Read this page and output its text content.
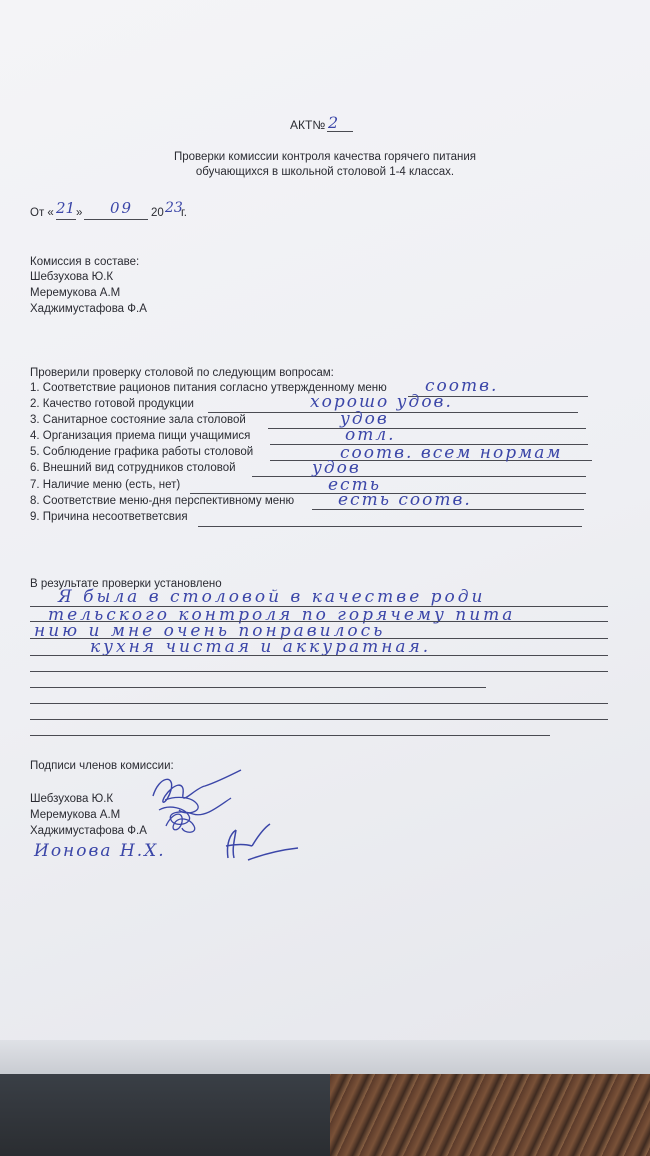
АКТ№ 2
Проверки комиссии контроля качества горячего питания
обучающихся в школьной столовой 1-4 классах.
От « 21 » 09 20 23
г.
Комиссия в составе:
Шебзухова Ю.К
Меремукова А.М
Хаджимустафова Ф.А
Проверили проверку столовой по следующим вопросам:
1. Соответствие рационов питания согласно утвержденному меню соотв.
2. Качество готовой продукции	хорошо удов.
3. Санитарное состояние зала столовой	удов
4. Организация приема пищи учащимися	отл.
5. Соблюдение графика работы столовой	соотв. всем нормам
6. Внешний вид сотрудников столовой	удов
7. Наличие меню (есть, нет)	есть
8. Соответствие меню-дня перспективному меню	есть соотв.
9. Причина несоответветсвия
В результате проверки установлено
Я была в столовой в качестве роди
тельского контроля по горячему пита
нию и мне очень понравилось
кухня чистая и аккуратная.
Подписи членов комиссии:
Шебзухова Ю.К
Меремукова А.М
Хаджимустафова Ф.А
Ионова Н.Х.
